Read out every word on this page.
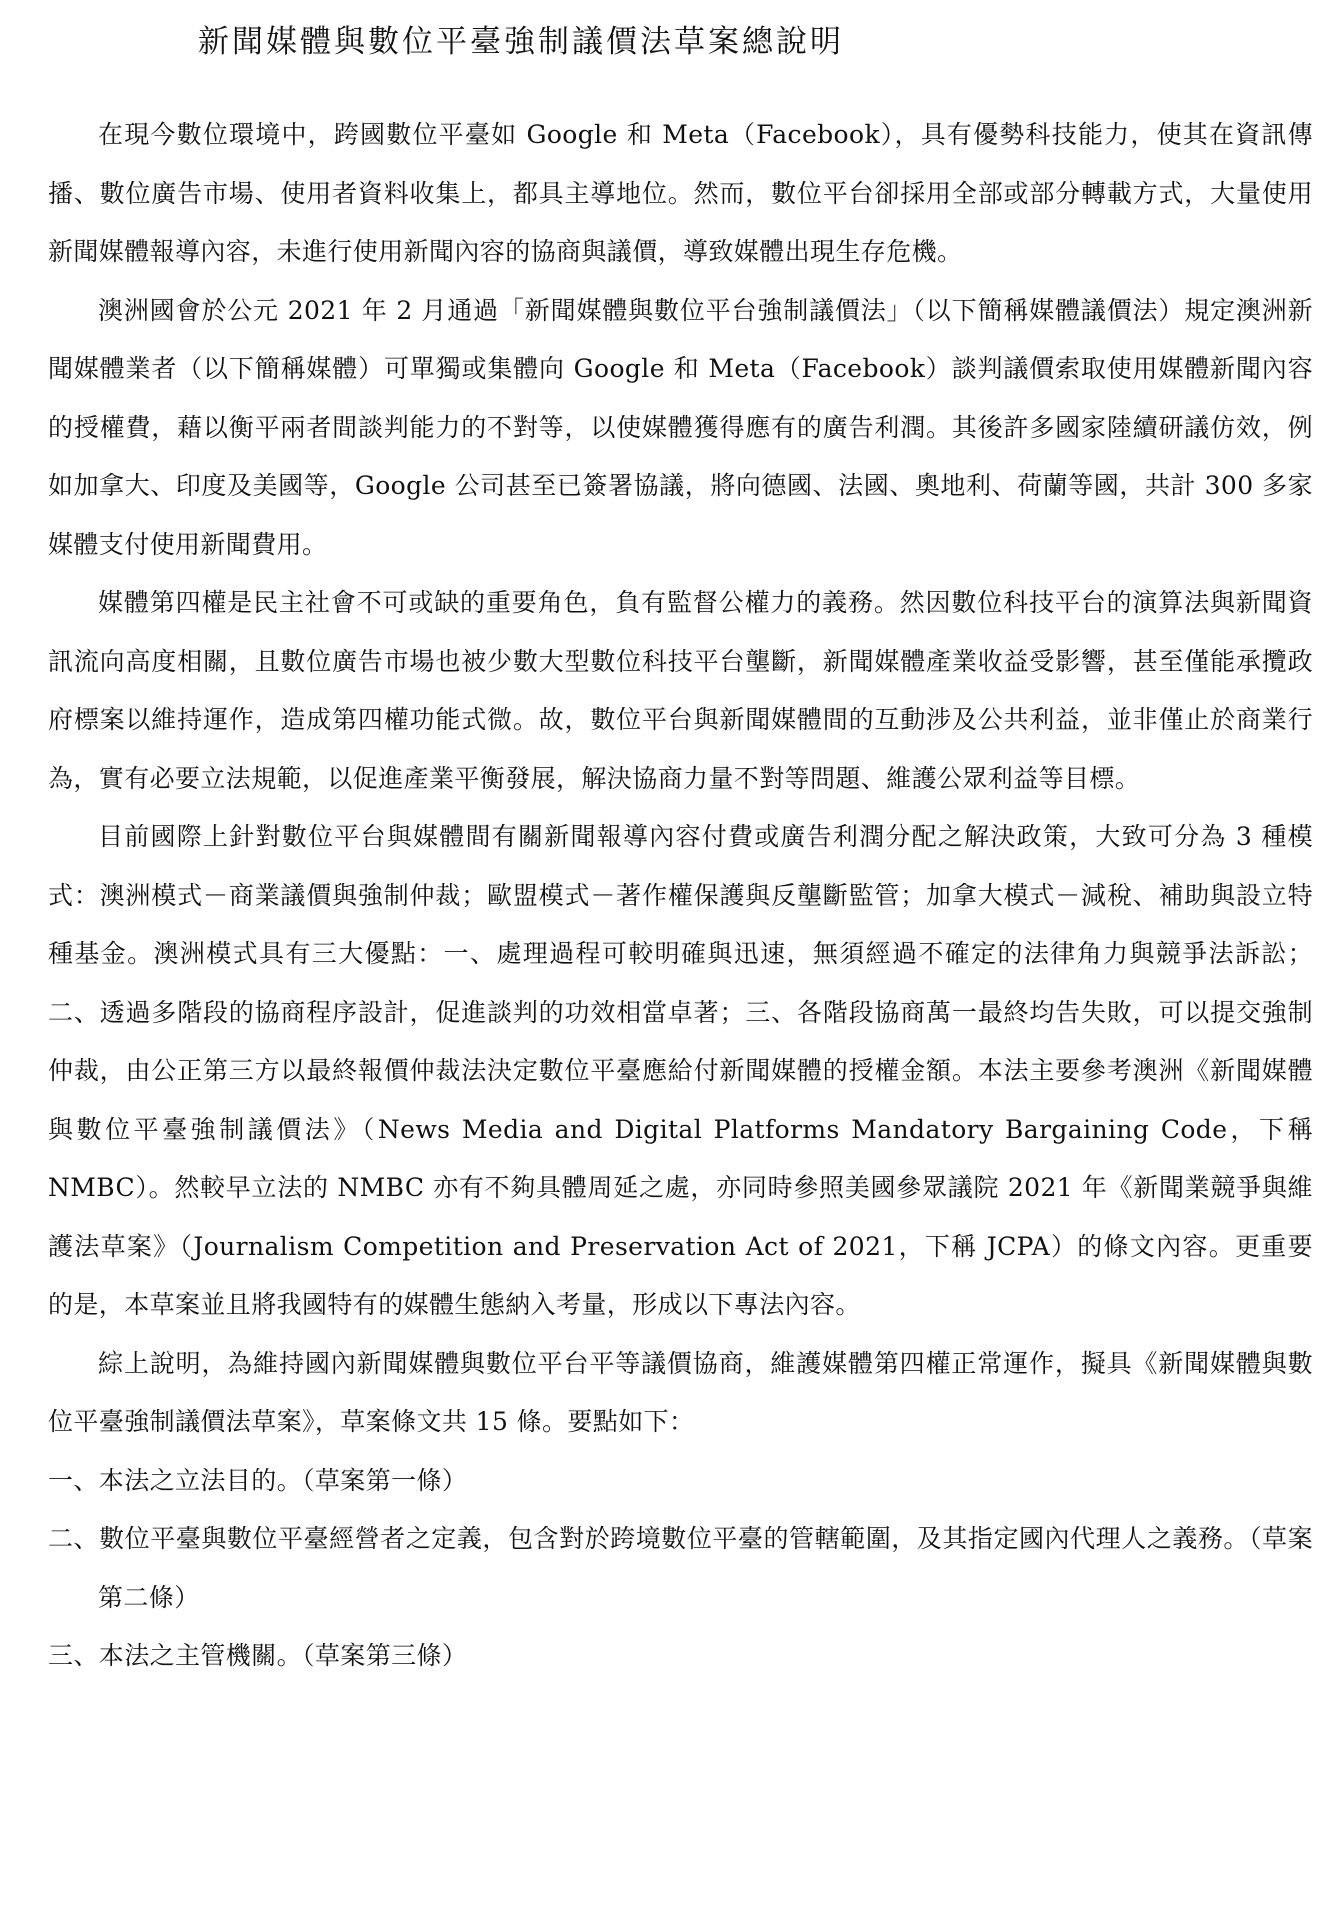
新聞媒體與數位平臺強制議價法草案總說明

在現今數位環境中，跨國數位平臺如 Google 和 Meta（Facebook），具有優勢科技能力，使其在資訊傳播、數位廣告市場、使用者資料收集上，都具主導地位。然而，數位平台卻採用全部或部分轉載方式，大量使用新聞媒體報導內容，未進行使用新聞內容的協商與議價，導致媒體出現生存危機。

澳洲國會於公元 2021 年 2 月通過「新聞媒體與數位平台強制議價法」（以下簡稱媒體議價法）規定澳洲新聞媒體業者（以下簡稱媒體）可單獨或集體向 Google 和 Meta（Facebook）談判議價索取使用媒體新聞內容的授權費，藉以衡平兩者間談判能力的不對等，以使媒體獲得應有的廣告利潤。其後許多國家陸續研議仿效，例如加拿大、印度及美國等，Google 公司甚至已簽署協議，將向德國、法國、奧地利、荷蘭等國，共計 300 多家媒體支付使用新聞費用。

媒體第四權是民主社會不可或缺的重要角色，負有監督公權力的義務。然因數位科技平台的演算法與新聞資訊流向高度相關，且數位廣告市場也被少數大型數位科技平台壟斷，新聞媒體產業收益受影響，甚至僅能承攬政府標案以維持運作，造成第四權功能式微。故，數位平台與新聞媒體間的互動涉及公共利益，並非僅止於商業行為，實有必要立法規範，以促進產業平衡發展，解決協商力量不對等問題、維護公眾利益等目標。

目前國際上針對數位平台與媒體間有關新聞報導內容付費或廣告利潤分配之解決政策，大致可分為 3 種模式：澳洲模式－商業議價與強制仲裁；歐盟模式－著作權保護與反壟斷監管；加拿大模式－減稅、補助與設立特種基金。澳洲模式具有三大優點：一、處理過程可較明確與迅速，無須經過不確定的法律角力與競爭法訴訟；二、透過多階段的協商程序設計，促進談判的功效相當卓著；三、各階段協商萬一最終均告失敗，可以提交強制仲裁，由公正第三方以最終報價仲裁法決定數位平臺應給付新聞媒體的授權金額。本法主要參考澳洲《新聞媒體與數位平臺強制議價法》（News Media and Digital Platforms Mandatory Bargaining Code，下稱 NMBC）。然較早立法的 NMBC 亦有不夠具體周延之處，亦同時參照美國參眾議院 2021 年《新聞業競爭與維護法草案》（Journalism Competition and Preservation Act of 2021，下稱 JCPA）的條文內容。更重要的是，本草案並且將我國特有的媒體生態納入考量，形成以下專法內容。

綜上說明，為維持國內新聞媒體與數位平台平等議價協商，維護媒體第四權正常運作，擬具《新聞媒體與數位平臺強制議價法草案》，草案條文共 15 條。要點如下：

一、本法之立法目的。（草案第一條）

二、數位平臺與數位平臺經營者之定義，包含對於跨境數位平臺的管轄範圍，及其指定國內代理人之義務。（草案第二條）

三、本法之主管機關。（草案第三條）
